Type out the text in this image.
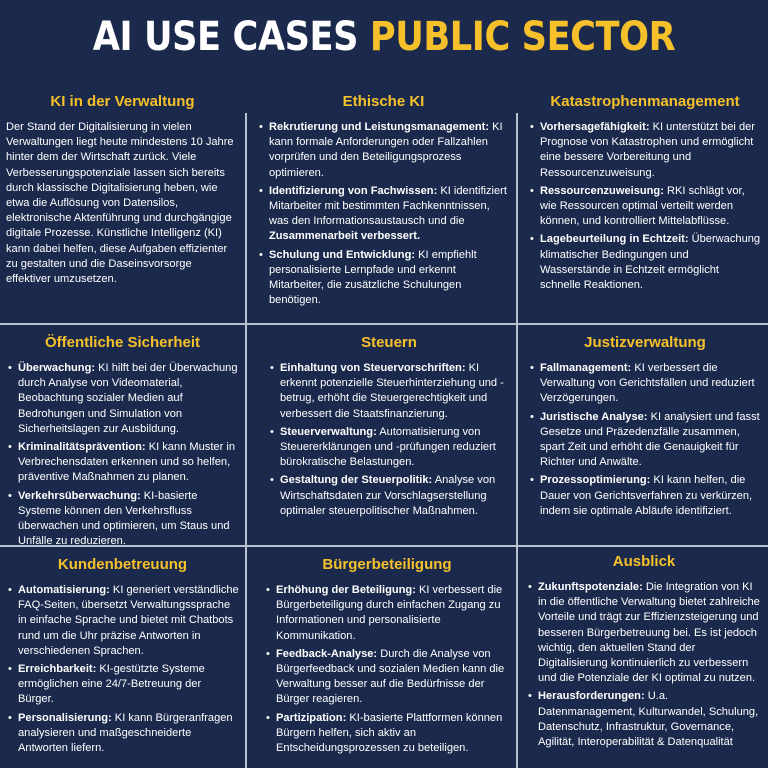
AI USE CASES PUBLIC SECTOR
KI in der Verwaltung

Der Stand der Digitalisierung in vielen Verwaltungen liegt heute mindestens 10 Jahre hinter dem der Wirtschaft zurück. Viele Verbesserungspotenziale lassen sich bereits durch klassische Digitalisierung heben, wie etwa die Auflösung von Datensilos, elektronische Aktenführung und durchgängige digitale Prozesse. Künstliche Intelligenz (KI) kann dabei helfen, diese Aufgaben effizienter zu gestalten und die Daseinsvorsorge effektiver umzusetzen.

Ethische KI
• Rekrutierung und Leistungsmanagement: KI kann formale Anforderungen oder Fallzahlen vorprüfen und den Beteiligungsprozess optimieren.
• Identifizierung von Fachwissen: KI identifiziert Mitarbeiter mit bestimmten Fachkenntnissen, was den Informationsaustausch und die Zusammenarbeit verbessert.
• Schulung und Entwicklung: KI empfiehlt personalisierte Lernpfade und erkennt Mitarbeiter, die zusätzliche Schulungen benötigen.
Katastrophenmanagement
• Vorhersagefähigkeit: KI unterstützt bei der Prognose von Katastrophen und ermöglicht eine bessere Vorbereitung und Ressourcenzuweisung.
• Ressourcenzuweisung: RKI schlägt vor, wie Ressourcen optimal verteilt werden können, und kontrolliert Mittelabflüsse.
• Lagebeurteilung in Echtzeit: Überwachung klimatischer Bedingungen und Wasserstände in Echtzeit ermöglicht schnelle Reaktionen.
Öffentliche Sicherheit
• Überwachung: KI hilft bei der Überwachung durch Analyse von Videomaterial, Beobachtung sozialer Medien auf Bedrohungen und Simulation von Sicherheitslagen zur Ausbildung.
• Kriminalitätsprävention: KI kann Muster in Verbrechensdaten erkennen und so helfen, präventive Maßnahmen zu planen.
• Verkehrsüberwachung: KI-basierte Systeme können den Verkehrsfluss überwachen und optimieren, um Staus und Unfälle zu reduzieren.
Steuern
• Einhaltung von Steuervorschriften: KI erkennt potenzielle Steuerhinterziehung und -betrug, erhöht die Steuergerechtigkeit und verbessert die Staatsfinanzierung.
• Steuerverwaltung: Automatisierung von Steuererklärungen und -prüfungen reduziert bürokratische Belastungen.
• Gestaltung der Steuerpolitik: Analyse von Wirtschaftsdaten zur Vorschlagserstellung optimaler steuerpolitischer Maßnahmen.
Justizverwaltung
• Fallmanagement: KI verbessert die Verwaltung von Gerichtsfällen und reduziert Verzögerungen.
• Juristische Analyse: KI analysiert und fasst Gesetze und Präzedenzfälle zusammen, spart Zeit und erhöht die Genauigkeit für Richter und Anwälte.
• Prozessoptimierung: KI kann helfen, die Dauer von Gerichtsverfahren zu verkürzen, indem sie optimale Abläufe identifiziert.
Kundenbetreuung
• Automatisierung: KI generiert verständliche FAQ-Seiten, übersetzt Verwaltungssprache in einfache Sprache und bietet mit Chatbots rund um die Uhr präzise Antworten in verschiedenen Sprachen.
• Erreichbarkeit: KI-gestützte Systeme ermöglichen eine 24/7-Betreuung der Bürger.
• Personalisierung: KI kann Bürgeranfragen analysieren und maßgeschneiderte Antworten liefern.
Bürgerbeteiligung
• Erhöhung der Beteiligung: KI verbessert die Bürgerbeteiligung durch einfachen Zugang zu Informationen und personalisierte Kommunikation.
• Feedback-Analyse: Durch die Analyse von Bürgerfeedback und sozialen Medien kann die Verwaltung besser auf die Bedürfnisse der Bürger reagieren.
• Partizipation: KI-basierte Plattformen können Bürgern helfen, sich aktiv an Entscheidungsprozessen zu beteiligen.
Ausblick
• Zukunftspotenziale: Die Integration von KI in die öffentliche Verwaltung bietet zahlreiche Vorteile und trägt zur Effizienzsteigerung und besseren Bürgerbetreuung bei. Es ist jedoch wichtig, den aktuellen Stand der Digitalisierung kontinuierlich zu verbessern und die Potenziale der KI optimal zu nutzen.
• Herausforderungen: U.a. Datenmanagement, Kulturwandel, Schulung, Datenschutz, Infrastruktur, Governance, Agilität, Interoperabilität & Datenqualität
